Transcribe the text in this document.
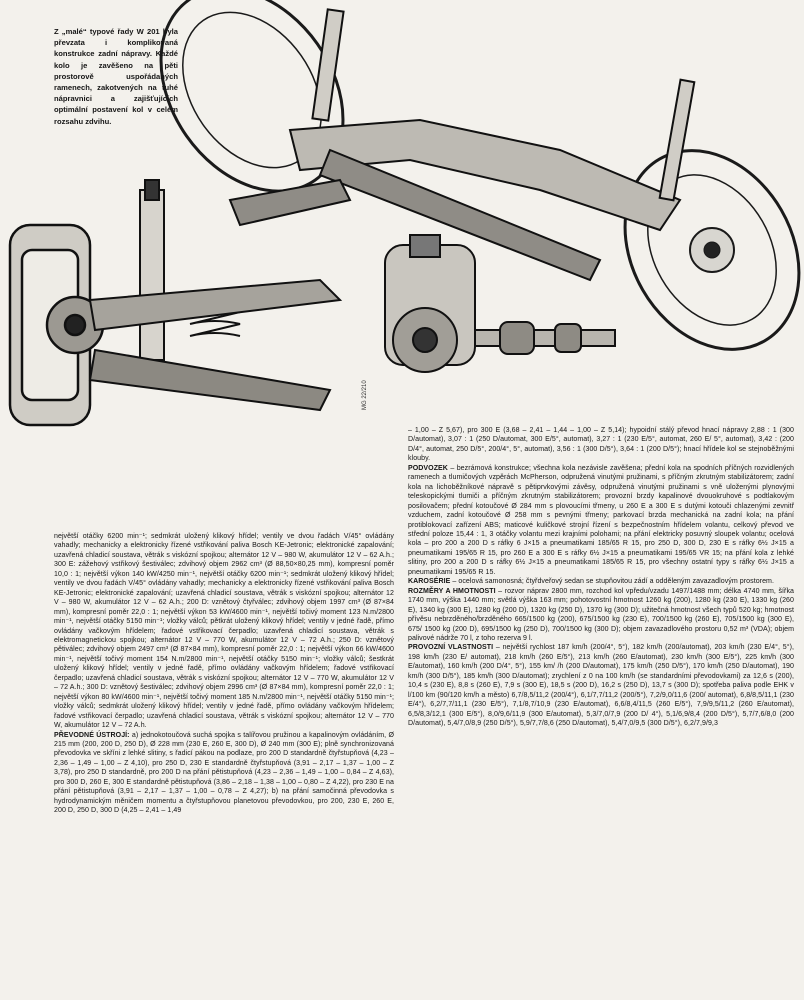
MG 22/210
Z „malé“ typové řady W 201 byla převzata i komplikovaná konstrukce zadní nápravy. Každé kolo je zavěšeno na pěti prostorově uspořádaných ramenech, zakotvených na tuhé nápravnici a zajišťujících optimální postavení kol v celém rozsahu zdvihu.

největší otáčky 6200 min⁻¹; sedmkrát uložený klikový hřídel; ventily ve dvou řadách V/45° ovládány vahadly; mechanicky a elektronicky řízené vstřikování paliva Bosch KE-Jetronic; elektronické zapalování; uzavřená chladicí soustava, větrák s viskózní spojkou; alternátor 12 V – 980 W, akumulátor 12 V – 62 A.h.; 300 E: zážehový vstřikový šestiválec; zdvihový objem 2962 cm³ (Ø 88,50×80,25 mm), kompresní poměr 10,0 : 1; největší výkon 140 kW/4250 min⁻¹, největší otáčky 6200 min⁻¹; sedmkrát uložený klikový hřídel; ventily ve dvou řadách V/45° ovládány vahadly; mechanicky a elektronicky řízené vstřikování paliva Bosch KE-Jetronic; elektronické zapalování; uzavřená chladicí soustava, větrák s viskózní spojkou; alternátor 12 V – 980 W, akumulátor 12 V – 62 A.h.; 200 D: vznětový čtyřválec; zdvihový objem 1997 cm³ (Ø 87×84 mm), kompresní poměr 22,0 : 1; největší výkon 53 kW/4600 min⁻¹, největší točivý moment 123 N.m/2800 min⁻¹, největší otáčky 5150 min⁻¹; vložky válců; pětkrát uložený klikový hřídel; ventily v jedné řadě, přímo ovládány vačkovým hřídelem; řadové vstřikovací čerpadlo; uzavřená chladicí soustava, větrák s elektromagnetickou spojkou; alternátor 12 V – 770 W, akumulátor 12 V – 72 A.h.; 250 D: vznětový pětiválec; zdvihový objem 2497 cm³ (Ø 87×84 mm), kompresní poměr 22,0 : 1; největší výkon 66 kW/4600 min⁻¹, největší točivý moment 154 N.m/2800 min⁻¹, největší otáčky 5150 min⁻¹; vložky válců; šestkrát uložený klikový hřídel; ventily v jedné řadě, přímo ovládány vačkovým hřídelem; řadové vstřikovací čerpadlo; uzavřená chladicí soustava, větrák s viskózní spojkou; alternátor 12 V – 770 W, akumulátor 12 V – 72 A.h.; 300 D: vznětový šestiválec; zdvihový objem 2996 cm³ (Ø 87×84 mm), kompresní poměr 22,0 : 1; největší výkon 80 kW/4600 min⁻¹, největší točivý moment 185 N.m/2800 min⁻¹, největší otáčky 5150 min⁻¹; vložky válců; sedmkrát uložený klikový hřídel; ventily v jedné řadě, přímo ovládány vačkovým hřídelem; řadové vstřikovací čerpadlo; uzavřená chladicí soustava, větrák s viskózní spojkou; alternátor 12 V – 770 W, akumulátor 12 V – 72 A.h.

PŘEVODNÉ ÚSTROJÍ: a) jednokotoučová suchá spojka s talířovou pružinou a kapalinovým ovládáním, Ø 215 mm (200, 200 D, 250 D), Ø 228 mm (230 E, 260 E, 300 D), Ø 240 mm (300 E); plně synchronizovaná převodovka ve skříni z lehké slitiny, s řadicí pákou na podlaze, pro 200 D standardně čtyřstupňová (4,23 – 2,36 – 1,49 – 1,00 – Z 4,10), pro 250 D, 230 E standardně čtyřstupňová (3,91 – 2,17 – 1,37 – 1,00 – Z 3,78), pro 250 D standardně, pro 200 D na přání pětistupňová (4,23 – 2,36 – 1,49 – 1,00 – 0,84 – Z 4,63), pro 300 D, 260 E, 300 E standardně pětistupňová (3,86 – 2,18 – 1,38 – 1,00 – 0,80 – Z 4,22), pro 230 E na přání pětistupňová (3,91 – 2,17 – 1,37 – 1,00 – 0,78 – Z 4,27); b) na přání samočinná převodovka s hydrodynamickým měničem momentu a čtyřstupňovou planetovou převodovkou, pro 200, 230 E, 260 E, 200 D, 250 D, 300 D (4,25 – 2,41 – 1,49

– 1,00 – Z 5,67), pro 300 E (3,68 – 2,41 – 1,44 – 1,00 – Z 5,14); hypoidní stálý převod hnací nápravy 2,88 : 1 (300 D/automat), 3,07 : 1 (250 D/automat, 300 E/5°, automat), 3,27 : 1 (230 E/5°, automat, 260 E/ 5°, automat), 3,42 : (200 D/4°, automat, 250 D/5°, 200/4°, 5°, automat), 3,56 : 1 (300 D/5°), 3,64 : 1 (200 D/5°); hnací hřídele kol se stejnoběžnými klouby.

PODVOZEK – bezrámová konstrukce; všechna kola nezávisle zavěšena; přední kola na spodních příčných rozvidlených ramenech a tlumičových vzpěrách McPherson, odpružená vinutými pružinami, s příčným zkrutným stabilizátorem; zadní kola na lichoběžníkové nápravě s pětiprvkovými závěsy, odpružená vinutými pružinami s vně uloženými plynovými teleskopickými tlumiči a příčným zkrutným stabilizátorem; provozní brzdy kapalinové dvouokruhové s podtlakovým posilovačem; přední kotoučové Ø 284 mm s plovoucími třmeny, u 260 E a 300 E s dutými kotouči chlazenými zevnitř vzduchem, zadní kotoučové Ø 258 mm s pevnými třmeny; parkovací brzda mechanická na zadní kola; na přání protiblokovací zařízení ABS; maticové kuličkové strojní řízení s bezpečnostním hřídelem volantu, celkový převod ve střední poloze 15,44 : 1, 3 otáčky volantu mezi krajními polohami; na přání elektricky posuvný sloupek volantu; ocelová kola – pro 200 a 200 D s ráfky 6 J×15 a pneumatikami 185/65 R 15, pro 250 D, 300 D, 230 E s ráfky 6½ J×15 a pneumatikami 195/65 R 15, pro 260 E a 300 E s ráfky 6½ J×15 a pneumatikami 195/65 VR 15; na přání kola z lehké slitiny, pro 200 a 200 D s ráfky 6½ J×15 a pneumatikami 185/65 R 15, pro všechny ostatní typy s ráfky 6½ J×15 a pneumatikami 195/65 R 15.

KAROSÉRIE – ocelová samonosná; čtyřdveřový sedan se stupňovitou zádí a odděleným zavazadlovým prostorem.

ROZMĚRY A HMOTNOSTI – rozvor náprav 2800 mm, rozchod kol vpředu/vzadu 1497/1488 mm; délka 4740 mm, šířka 1740 mm, výška 1440 mm; světlá výška 163 mm; pohotovostní hmotnost 1260 kg (200), 1280 kg (230 E), 1330 kg (260 E), 1340 kg (300 E), 1280 kg (200 D), 1320 kg (250 D), 1370 kg (300 D); užitečná hmotnost všech typů 520 kg; hmotnost přívěsu nebrzděného/brzděného 665/1500 kg (200), 675/1500 kg (230 E), 700/1500 kg (260 E), 705/1500 kg (300 E), 675/ 1500 kg (200 D), 695/1500 kg (250 D), 700/1500 kg (300 D); objem zavazadlového prostoru 0,52 m³ (VDA); objem palivové nádrže 70 l, z toho rezerva 9 l.

PROVOZNÍ VLASTNOSTI – největší rychlost 187 km/h (200/4°, 5°), 182 km/h (200/automat), 203 km/h (230 E/4°, 5°), 198 km/h (230 E/ automat), 218 km/h (260 E/5°), 213 km/h (260 E/automat), 230 km/h (300 E/5°), 225 km/h (300 E/automat), 160 km/h (200 D/4°, 5°), 155 km/ /h (200 D/automat), 175 km/h (250 D/5°), 170 km/h (250 D/automat), 190 km/h (300 D/5°), 185 km/h (300 D/automat); zrychlení z 0 na 100 km/h (se standardními převodovkami) za 12,6 s (200), 10,4 s (230 E), 8,8 s (260 E), 7,9 s (300 E), 18,5 s (200 D), 16,2 s (250 D), 13,7 s (300 D); spotřeba paliva podle EHK v l/100 km (90/120 km/h a město) 6,7/8,5/11,2 (200/4°), 6,1/7,7/11,2 (200/5°), 7,2/9,0/11,6 (200/ automat), 6,8/8,5/11,1 (230 E/4°), 6,2/7,7/11,1 (230 E/5°), 7,1/8,7/10,9 (230 E/automat), 6,6/8,4/11,5 (260 E/5°), 7,9/9,5/11,2 (260 E/automat), 6,5/8,3/12,1 (300 E/5°), 8,0/9,6/11,9 (300 E/automat), 5,3/7,0/7,9 (200 D/ 4°), 5,1/6,9/8,4 (200 D/5°), 5,7/7,6/8,0 (200 D/automat), 5,4/7,0/8,9 (250 D/5°), 5,9/7,7/8,6 (250 D/automat), 5,4/7,0/9,5 (300 D/5°), 6,2/7,9/9,3
